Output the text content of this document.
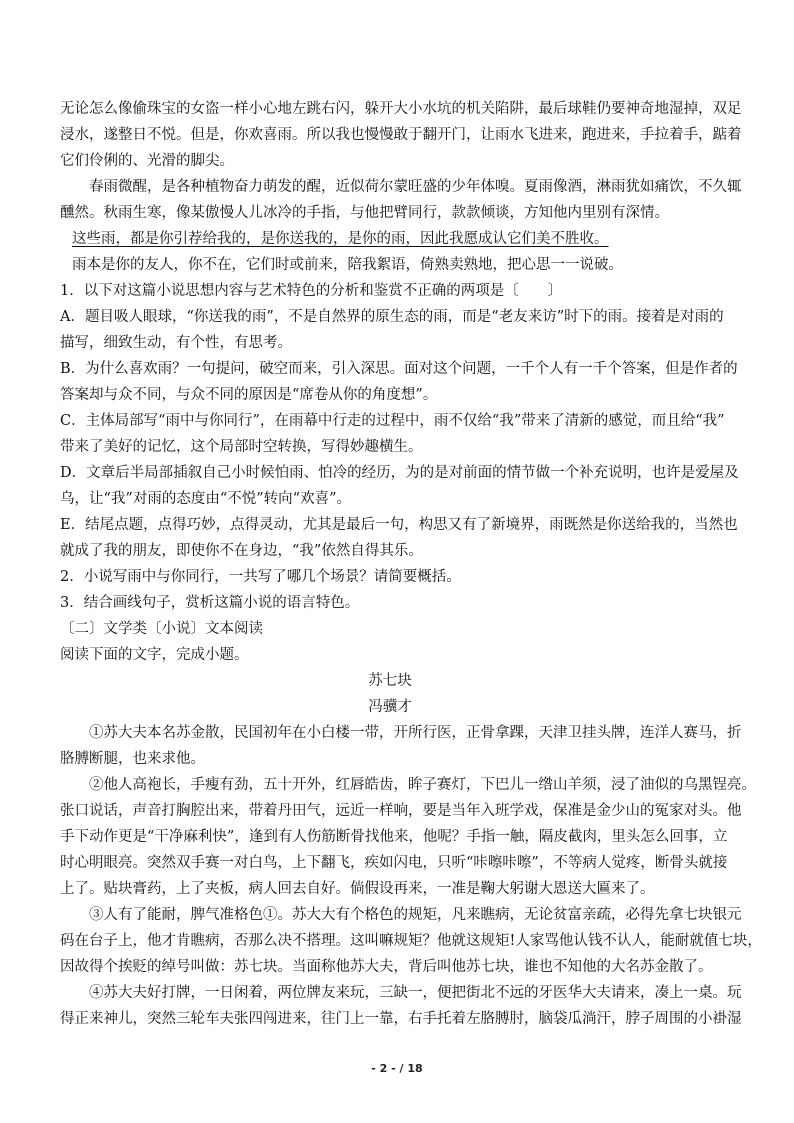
无论怎么像偷珠宝的女盗一样小心地左跳右闪，躲开大小水坑的机关陷阱，最后球鞋仍要神奇地湿掉，双足
浸水，遂整日不悦。但是，你欢喜雨。所以我也慢慢敢于翻开门，让雨水飞进来，跑进来，手拉着手，踮着
它们伶俐的、光滑的脚尖。
春雨微醒，是各种植物奋力萌发的醒，近似荷尔蒙旺盛的少年体嗅。夏雨像酒，淋雨犹如痛饮，不久辄
醺然。秋雨生寒，像某傲慢人儿冰冷的手指，与他把臂同行，款款倾谈，方知他内里别有深情。
这些雨，都是你引荐给我的，是你送我的，是你的雨，因此我愿成认它们美不胜收。
雨本是你的友人，你不在，它们时或前来，陪我絮语，倚熟卖熟地，把心思一一说破。
1．以下对这篇小说思想内容与艺术特色的分析和鉴赏不正确的两项是〔　　〕
A．题目吸人眼球，“你送我的雨”，不是自然界的原生态的雨，而是“老友来访”时下的雨。接着是对雨的
描写，细致生动，有个性，有思考。
B．为什么喜欢雨？一句提问，破空而来，引入深思。面对这个问题，一千个人有一千个答案，但是作者的
答案却与众不同，与众不同的原因是“席卷从你的角度想”。
C．主体局部写“雨中与你同行”，在雨幕中行走的过程中，雨不仅给“我”带来了清新的感觉，而且给“我”
带来了美好的记忆，这个局部时空转换，写得妙趣横生。
D．文章后半局部插叙自己小时候怕雨、怕冷的经历，为的是对前面的情节做一个补充说明，也许是爱屋及
乌，让“我”对雨的态度由“不悦”转向“欢喜”。
E．结尾点题，点得巧妙，点得灵动，尤其是最后一句，构思又有了新境界，雨既然是你送给我的，当然也
就成了我的朋友，即使你不在身边，“我”依然自得其乐。
2．小说写雨中与你同行，一共写了哪几个场景？请简要概括。
3．结合画线句子，赏析这篇小说的语言特色。
〔二〕文学类〔小说〕文本阅读
阅读下面的文字，完成小题。
苏七块
冯骥才
①苏大夫本名苏金散，民国初年在小白楼一带，开所行医，正骨拿踝，天津卫挂头牌，连洋人赛马，折
胳膊断腿，也来求他。
②他人高袍长，手瘦有劲，五十开外，红唇皓齿，眸子赛灯，下巴儿一绺山羊须，浸了油似的乌黑锃亮。
张口说话，声音打胸腔出来，带着丹田气，远近一样响，要是当年入班学戏，保准是金少山的冤家对头。他
手下动作更是“干净麻利快”，逢到有人伤筋断骨找他来，他呢？手指一触，隔皮截肉，里头怎么回事，立
时心明眼亮。突然双手赛一对白鸟，上下翻飞，疾如闪电，只听“咔嚓咔嚓”，不等病人觉疼，断骨头就接
上了。贴块膏药，上了夹板，病人回去自好。倘假设再来，一准是鞠大躬谢大恩送大匾来了。
③人有了能耐，脾气准格色①。苏大大有个格色的规矩，凡来瞧病，无论贫富亲疏，必得先拿七块银元
码在台子上，他才肯瞧病，否那么决不搭理。这叫嘛规矩？他就这规矩!人家骂他认钱不认人，能耐就值七块，
因故得个挨贬的绰号叫做：苏七块。当面称他苏大夫，背后叫他苏七块，谁也不知他的大名苏金散了。
④苏大夫好打牌，一日闲着，两位牌友来玩，三缺一，便把街北不远的牙医华大夫请来，凑上一桌。玩
得正来神儿，突然三轮车夫张四闯进来，往门上一靠，右手托着左胳膊肘，脑袋瓜淌汗，脖子周围的小褂湿
- 2 - / 18
